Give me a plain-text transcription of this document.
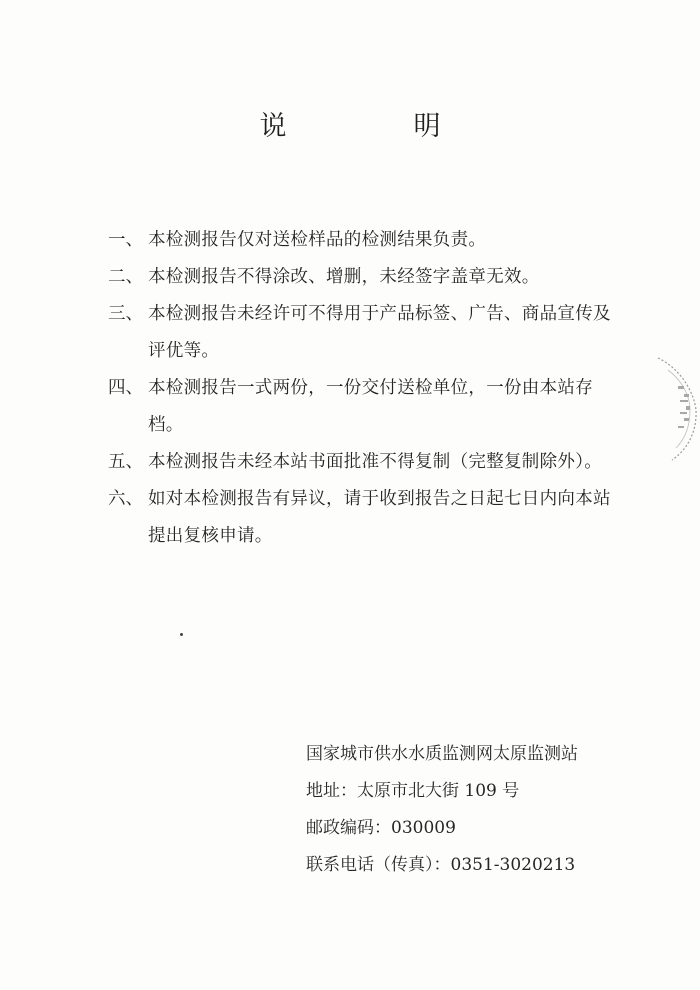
说　明
一、 本检测报告仅对送检样品的检测结果负责。
二、 本检测报告不得涂改、增删，未经签字盖章无效。
三、 本检测报告未经许可不得用于产品标签、广告、商品宣传及评优等。
四、 本检测报告一式两份，一份交付送检单位，一份由本站存档。
五、 本检测报告未经本站书面批准不得复制（完整复制除外）。
六、 如对本检测报告有异议，请于收到报告之日起七日内向本站提出复核申请。
国家城市供水水质监测网太原监测站
地址：太原市北大街 109 号
邮政编码：030009
联系电话（传真）：0351-3020213
